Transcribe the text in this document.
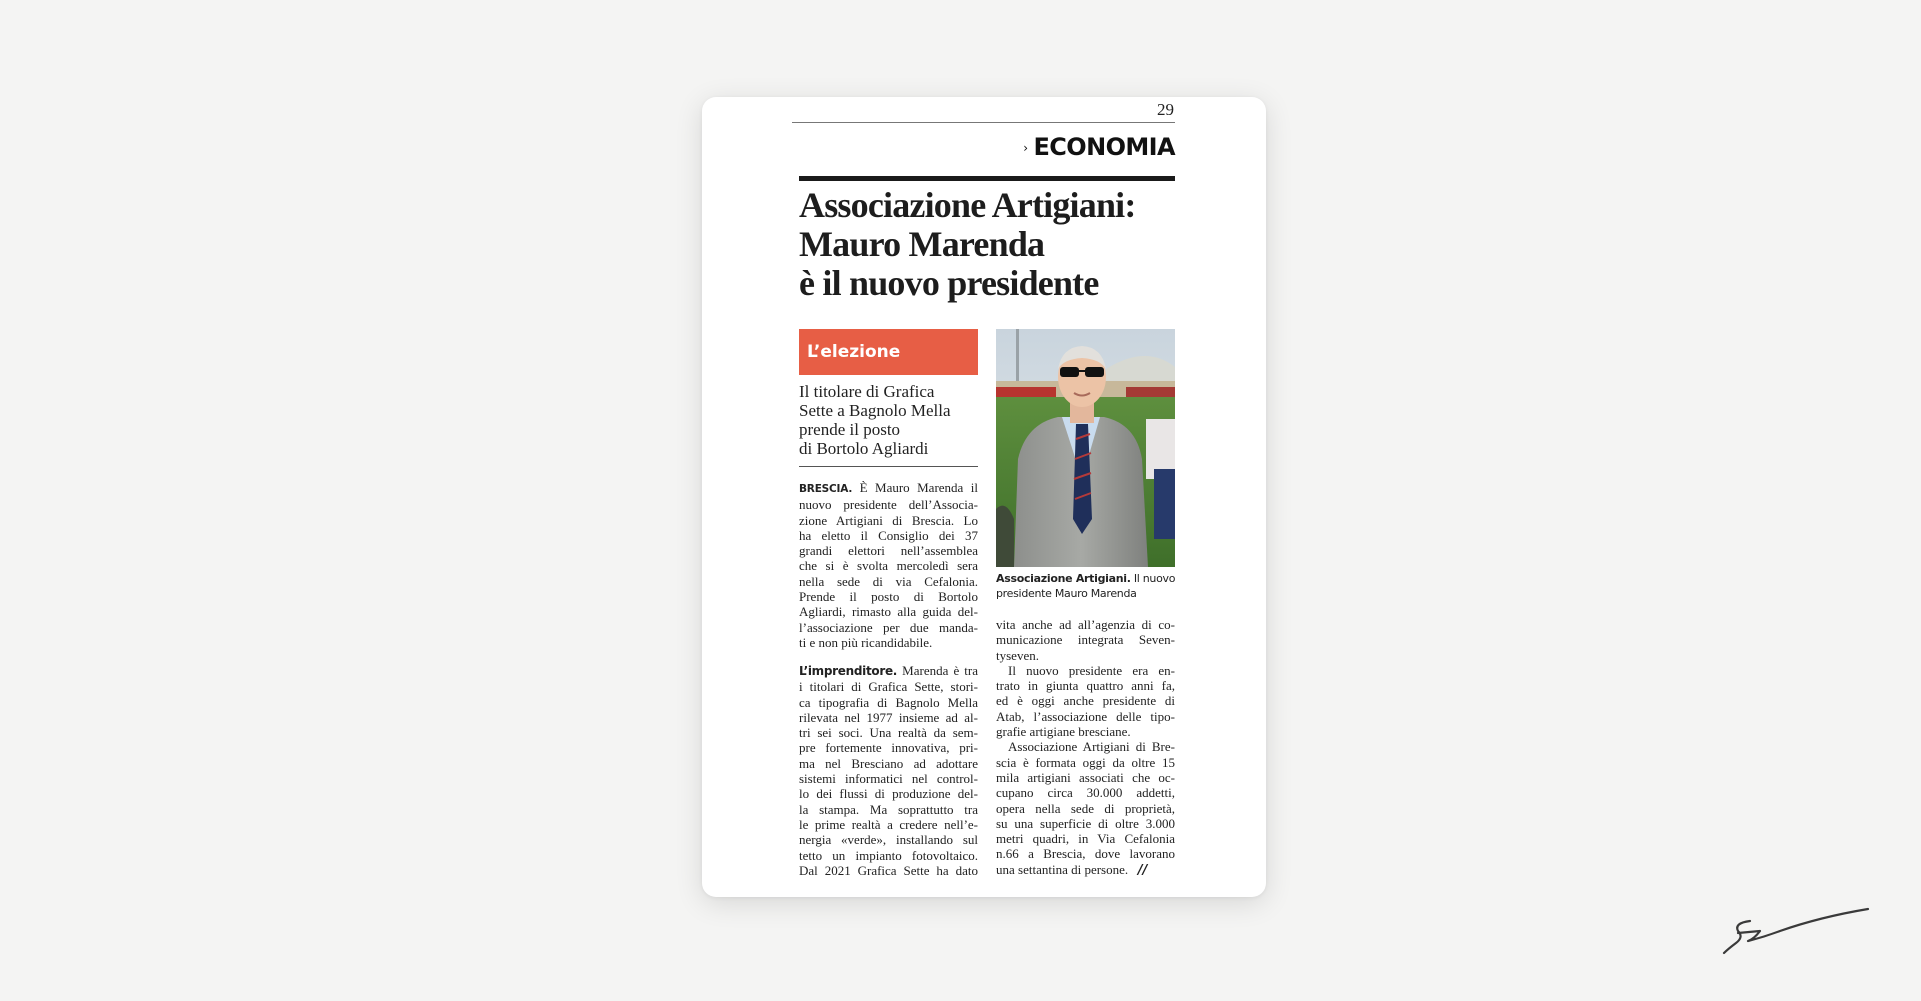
29
› ECONOMIA
Associazione Artigiani:
Mauro Marenda
è il nuovo presidente
L’elezione
Il titolare di Grafica
Sette a Bagnolo Mella
prende il posto
di Bortolo Agliardi
BRESCIA. È Mauro Marenda il
nuovo presidente dell’Associa-
zione Artigiani di Brescia. Lo
ha eletto il Consiglio dei 37
grandi elettori nell’assemblea
che si è svolta mercoledì sera
nella sede di via Cefalonia.
Prende il posto di Bortolo
Agliardi, rimasto alla guida del-
l’associazione per due manda-
ti e non più ricandidabile.
L’imprenditore. Marenda è tra
i titolari di Grafica Sette, stori-
ca tipografia di Bagnolo Mella
rilevata nel 1977 insieme ad al-
tri sei soci. Una realtà da sem-
pre fortemente innovativa, pri-
ma nel Bresciano ad adottare
sistemi informatici nel control-
lo dei flussi di produzione del-
la stampa. Ma soprattutto tra
le prime realtà a credere nell’e-
nergia «verde», installando sul
tetto un impianto fotovoltaico.
Dal 2021 Grafica Sette ha dato
Associazione Artigiani. Il nuovo
presidente Mauro Marenda
vita anche ad all’agenzia di co-
municazione integrata Seven-
tyseven.
Il nuovo presidente era en-
trato in giunta quattro anni fa,
ed è oggi anche presidente di
Atab, l’associazione delle tipo-
grafie artigiane bresciane.
Associazione Artigiani di Bre-
scia è formata oggi da oltre 15
mila artigiani associati che oc-
cupano circa 30.000 addetti,
opera nella sede di proprietà,
su una superficie di oltre 3.000
metri quadri, in Via Cefalonia
n.66 a Brescia, dove lavorano
una settantina di persone. //
